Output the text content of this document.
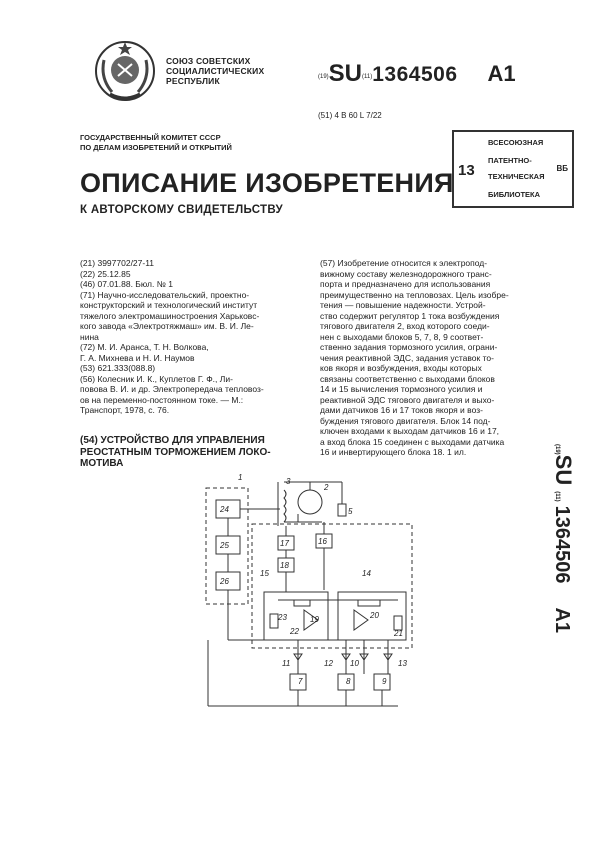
СОЮЗ СОВЕТСКИХ
СОЦИАЛИСТИЧЕСКИХ
РЕСПУБЛИК	(19)SU(11)1364506 A1
(51) 4 В 60 L 7/22
ГОСУДАРСТВЕННЫЙ КОМИТЕТ СССР
ПО ДЕЛАМ ИЗОБРЕТЕНИЙ И ОТКРЫТИЙ
ВСЕСОЮЗНАЯ
ПАТЕНТНО-
ТЕХНИЧЕСКАЯ
БИБЛИОТЕКА
13	ВБ
ОПИСАНИЕ ИЗОБРЕТЕНИЯ
К АВТОРСКОМУ СВИДЕТЕЛЬСТВУ
(21) 3997702/27-11
(22) 25.12.85
(46) 07.01.88. Бюл. № 1
(71) Научно-исследовательский, проектно-
конструкторский и технологический институт
тяжелого электромашиностроения Харьковс-
кого завода «Электротяжмаш» им. В. И. Ле-
нина
(72) М. И. Аранса, Т. Н. Волкова,
Г. А. Михнева и Н. И. Наумов
(53) 621.333(088.8)
(56) Колесник И. К., Куплетов Г. Ф., Ли-
повова В. И. и др. Электропередача тепловоз-
ов на переменно-постоянном токе. — М.:
Транспорт, 1978, с. 76.
(54) УСТРОЙСТВО ДЛЯ УПРАВЛЕНИЯ
РЕОСТАТНЫМ ТОРМОЖЕНИЕМ ЛОКО-
МОТИВА
(57) Изобретение относится к электропод-
вижному составу железнодорожного транс-
порта и предназначено для использования
преимущественно на тепловозах. Цель изобре-
тения — повышение надежности. Устрой-
ство содержит регулятор 1 тока возбуждения
тягового двигателя 2, вход которого соеди-
нен с выходами блоков 5, 7, 8, 9 соответ-
ственно задания тормозного усилия, ограни-
чения реактивной ЭДС, задания уставок то-
ков якоря и возбуждения, входы которых
связаны соответственно с выходами блоков
14 и 15 вычисления тормозного усилия и
реактивной ЭДС тягового двигателя и выхо-
дами датчиков 16 и 17 токов якоря и воз-
буждения тягового двигателя. Блок 14 под-
ключен входами к выходам датчиков 16 и 17,
а вход блока 15 соединен с выходами датчика
16 и инвертирующего блока 18. 1 ил.	(19)SU(11)1364506A1
1
2
3
5
7	8	9
10
11	12	13
14
15
16
17
18
19	20
21
22
23
24
25
26
